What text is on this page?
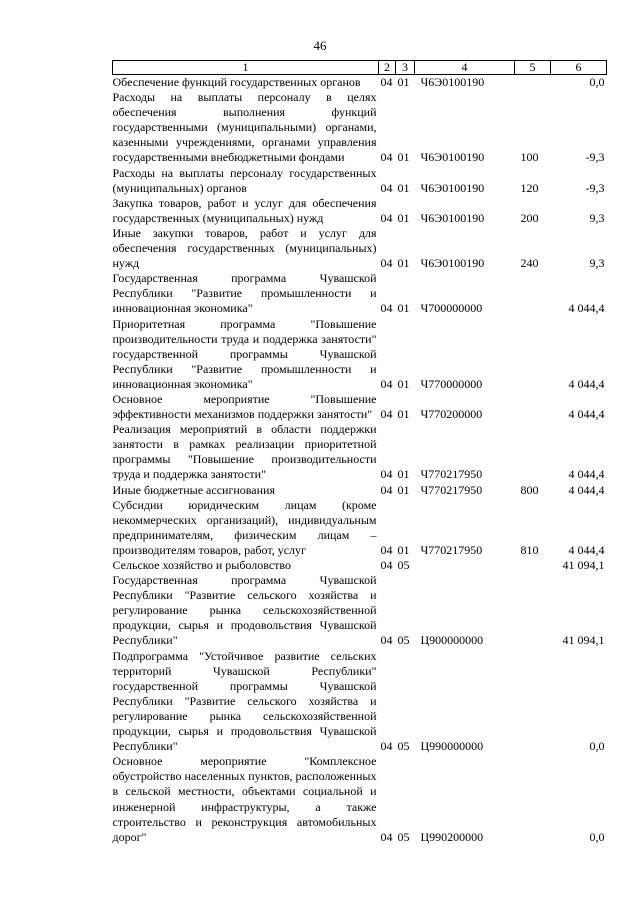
46
1	2	3	4	5	6
Обеспечение функций государственных органов	04	01	Ч6Э0100190		0,0
Расходы на выплаты персоналу в целях обеспечения выполнения функций государственными (муниципальными) органами, казенными учреждениями, органами управления государственными внебюджетными фондами	04	01	Ч6Э0100190	100	-9,3
Расходы на выплаты персоналу государственных (муниципальных) органов	04	01	Ч6Э0100190	120	-9,3
Закупка товаров, работ и услуг для обеспечения государственных (муниципальных) нужд	04	01	Ч6Э0100190	200	9,3
Иные закупки товаров, работ и услуг для обеспечения государственных (муниципальных) нужд	04	01	Ч6Э0100190	240	9,3
Государственная программа Чувашской Республики "Развитие промышленности и инновационная экономика"	04	01	Ч700000000		4 044,4
Приоритетная программа "Повышение производительности труда и поддержка занятости" государственной программы Чувашской Республики "Развитие промышленности и инновационная экономика"	04	01	Ч770000000		4 044,4
Основное мероприятие "Повышение эффективности механизмов поддержки занятости"	04	01	Ч770200000		4 044,4
Реализация мероприятий в области поддержки занятости в рамках реализации приоритетной программы "Повышение производительности труда и поддержка занятости"	04	01	Ч770217950		4 044,4
Иные бюджетные ассигнования	04	01	Ч770217950	800	4 044,4
Субсидии юридическим лицам (кроме некоммерческих организаций), индивидуальным предпринимателям, физическим лицам – производителям товаров, работ, услуг	04	01	Ч770217950	810	4 044,4
Сельское хозяйство и рыболовство	04	05			41 094,1
Государственная программа Чувашской Республики "Развитие сельского хозяйства и регулирование рынка сельскохозяйственной продукции, сырья и продовольствия Чувашской Республики"	04	05	Ц900000000		41 094,1
Подпрограмма "Устойчивое развитие сельских территорий Чувашской Республики" государственной программы Чувашской Республики "Развитие сельского хозяйства и регулирование рынка сельскохозяйственной продукции, сырья и продовольствия Чувашской Республики"	04	05	Ц990000000		0,0
Основное мероприятие "Комплексное обустройство населенных пунктов, расположенных в сельской местности, объектами социальной и инженерной инфраструктуры, а также строительство и реконструкция автомобильных дорог"	04	05	Ц990200000		0,0
